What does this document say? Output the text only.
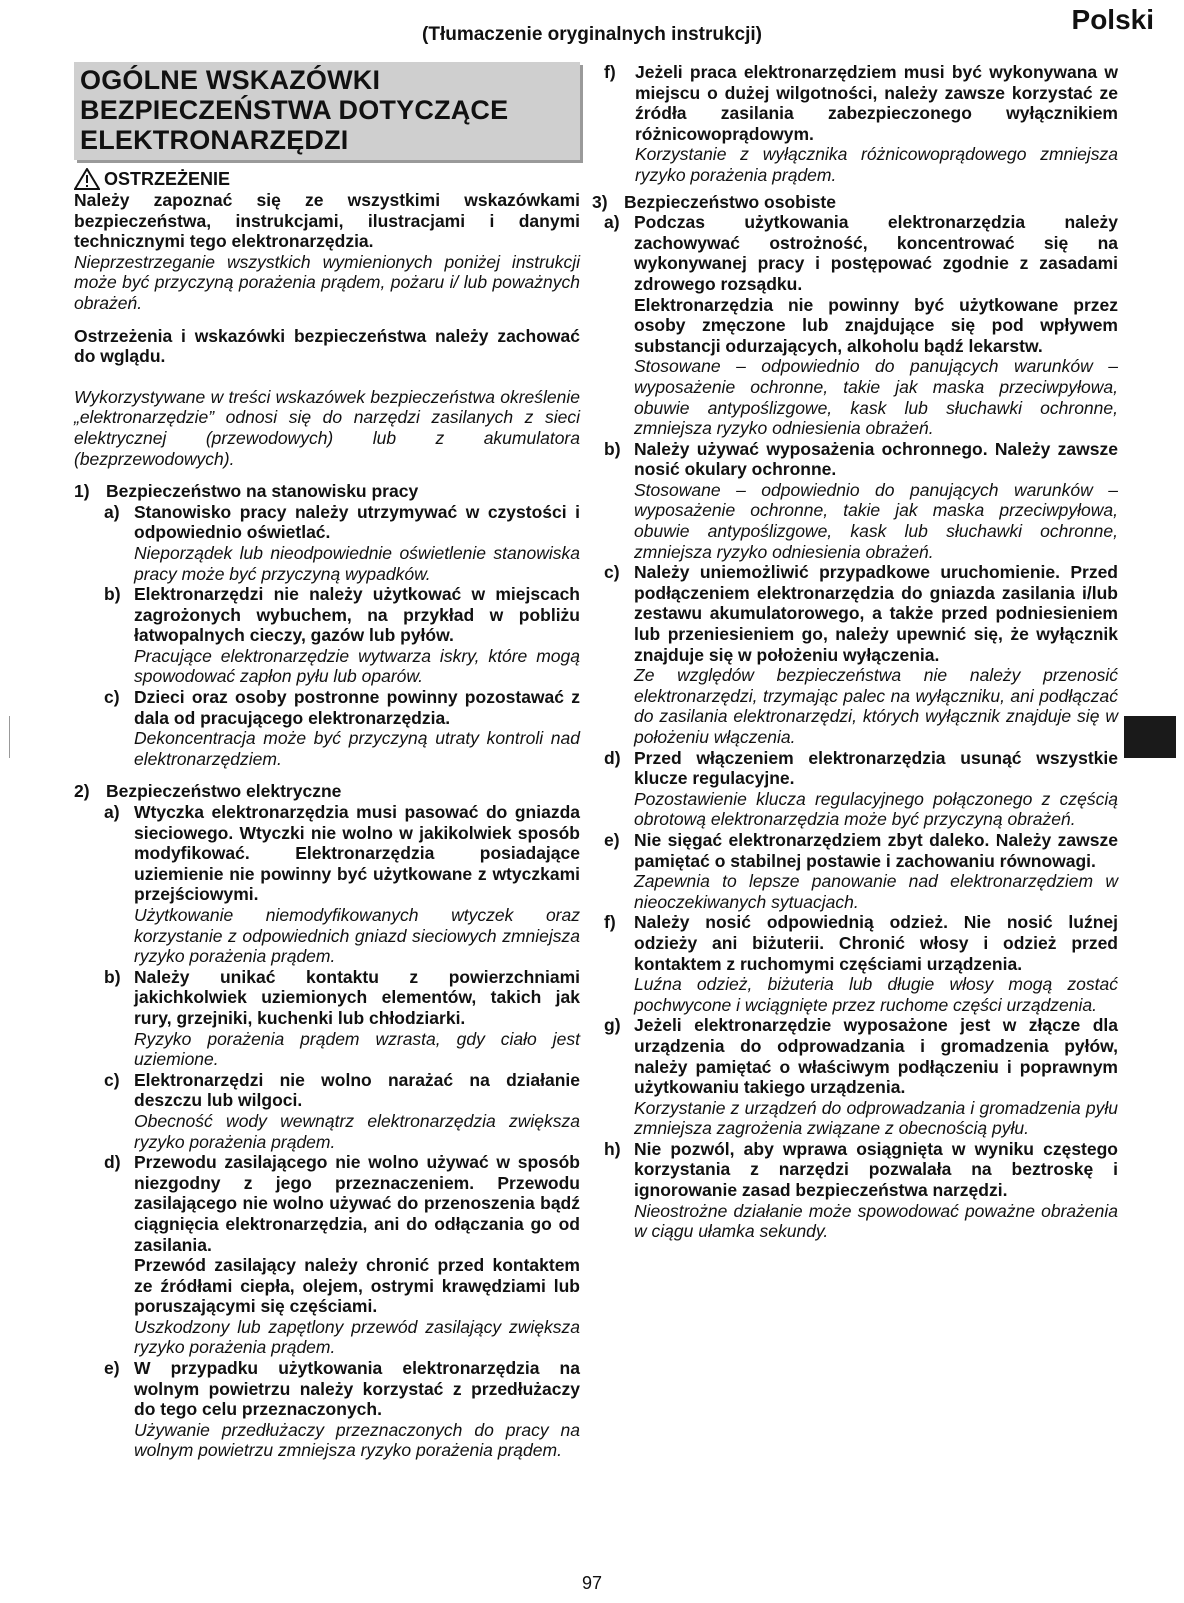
(Tłumaczenie oryginalnych instrukcji)	Polski
OGÓLNE WSKAZÓWKI
BEZPIECZEŃSTWA DOTYCZĄCE
ELEKTRONARZĘDZI
OSTRZEŻENIE

Należy zapoznać się ze wszystkimi wskazówkami bezpieczeństwa, instrukcjami, ilustracjami i danymi technicznymi tego elektronarzędzia.

Nieprzestrzeganie wszystkich wymienionych poniżej instrukcji może być przyczyną porażenia prądem, pożaru i/ lub poważnych obrażeń.

Ostrzeżenia i wskazówki bezpieczeństwa należy zachować do wglądu.

Wykorzystywane w treści wskazówek bezpieczeństwa określenie „elektronarzędzie” odnosi się do narzędzi zasilanych z sieci elektrycznej (przewodowych) lub z akumulatora (bezprzewodowych).

1) Bezpieczeństwo na stanowisku pracy
a) Stanowisko pracy należy utrzymywać w czystości i odpowiednio oświetlać.

Nieporządek lub nieodpowiednie oświetlenie stanowiska pracy może być przyczyną wypadków.

b) Elektronarzędzi nie należy użytkować w miejscach zagrożonych wybuchem, na przykład w pobliżu łatwopalnych cieczy, gazów lub pyłów.

Pracujące elektronarzędzie wytwarza iskry, które mogą spowodować zapłon pyłu lub oparów.

c) Dzieci oraz osoby postronne powinny pozostawać z dala od pracującego elektronarzędzia.

Dekoncentracja może być przyczyną utraty kontroli nad elektronarzędziem.

2) Bezpieczeństwo elektryczne
a) Wtyczka elektronarzędzia musi pasować do gniazda sieciowego. Wtyczki nie wolno w jakikolwiek sposób modyfikować. Elektronarzędzia posiadające uziemienie nie powinny być użytkowane z wtyczkami przejściowymi.

Użytkowanie niemodyfikowanych wtyczek oraz korzystanie z odpowiednich gniazd sieciowych zmniejsza ryzyko porażenia prądem.

b) Należy unikać kontaktu z powierzchniami jakichkolwiek uziemionych elementów, takich jak rury, grzejniki, kuchenki lub chłodziarki.

Ryzyko porażenia prądem wzrasta, gdy ciało jest uziemione.

c) Elektronarzędzi nie wolno narażać na działanie deszczu lub wilgoci.

Obecność wody wewnątrz elektronarzędzia zwiększa ryzyko porażenia prądem.

d) Przewodu zasilającego nie wolno używać w sposób niezgodny z jego przeznaczeniem. Przewodu zasilającego nie wolno używać do przenoszenia bądź ciągnięcia elektronarzędzia, ani do odłączania go od zasilania.

Przewód zasilający należy chronić przed kontaktem ze źródłami ciepła, olejem, ostrymi krawędziami lub poruszającymi się częściami.

Uszkodzony lub zapętlony przewód zasilający zwiększa ryzyko porażenia prądem.

e) W przypadku użytkowania elektronarzędzia na wolnym powietrzu należy korzystać z przedłużaczy do tego celu przeznaczonych.

Używanie przedłużaczy przeznaczonych do pracy na wolnym powietrzu zmniejsza ryzyko porażenia prądem.

f)	Jeżeli praca elektronarzędziem musi być wykonywana w miejscu o dużej wilgotności, należy zawsze korzystać ze źródła zasilania zabezpieczonego wyłącznikiem różnicowoprądowym.

Korzystanie z wyłącznika różnicowoprądowego zmniejsza ryzyko porażenia prądem.

3) Bezpieczeństwo osobiste
a) Podczas użytkowania elektronarzędzia należy zachowywać ostrożność, koncentrować się na wykonywanej pracy i postępować zgodnie z zasadami zdrowego rozsądku.

Elektronarzędzia nie powinny być użytkowane przez osoby zmęczone lub znajdujące się pod wpływem substancji odurzających, alkoholu bądź lekarstw.

Stosowane – odpowiednio do panujących warunków – wyposażenie ochronne, takie jak maska przeciwpyłowa, obuwie antypoślizgowe, kask lub słuchawki ochronne, zmniejsza ryzyko odniesienia obrażeń.

b) Należy używać wyposażenia ochronnego. Należy zawsze nosić okulary ochronne.

Stosowane – odpowiednio do panujących warunków – wyposażenie ochronne, takie jak maska przeciwpyłowa, obuwie antypoślizgowe, kask lub słuchawki ochronne, zmniejsza ryzyko odniesienia obrażeń.

c) Należy uniemożliwić przypadkowe uruchomienie. Przed podłączeniem elektronarzędzia do gniazda zasilania i/lub zestawu akumulatorowego, a także przed podniesieniem lub przeniesieniem go, należy upewnić się, że wyłącznik znajduje się w położeniu wyłączenia.

Ze względów bezpieczeństwa nie należy przenosić elektronarzędzi, trzymając palec na wyłączniku, ani podłączać do zasilania elektronarzędzi, których wyłącznik znajduje się w położeniu włączenia.

d) Przed włączeniem elektronarzędzia usunąć wszystkie klucze regulacyjne.

Pozostawienie klucza regulacyjnego połączonego z częścią obrotową elektronarzędzia może być przyczyną obrażeń.

e) Nie sięgać elektronarzędziem zbyt daleko. Należy zawsze pamiętać o stabilnej postawie i zachowaniu równowagi.

Zapewnia to lepsze panowanie nad elektronarzędziem w nieoczekiwanych sytuacjach.

f)	Należy nosić odpowiednią odzież. Nie nosić luźnej odzieży ani biżuterii. Chronić włosy i odzież przed kontaktem z ruchomymi częściami urządzenia.

Luźna odzież, biżuteria lub długie włosy mogą zostać pochwycone i wciągnięte przez ruchome części urządzenia.

g) Jeżeli elektronarzędzie wyposażone jest w złącze dla urządzenia do odprowadzania i gromadzenia pyłów, należy pamiętać o właściwym podłączeniu i poprawnym użytkowaniu takiego urządzenia.

Korzystanie z urządzeń do odprowadzania i gromadzenia pyłu zmniejsza zagrożenia związane z obecnością pyłu.

h) Nie pozwól, aby wprawa osiągnięta w wyniku częstego korzystania z narzędzi pozwalała na beztroskę i ignorowanie zasad bezpieczeństwa narzędzi.

Nieostrożne działanie może spowodować poważne obrażenia w ciągu ułamka sekundy.

97
